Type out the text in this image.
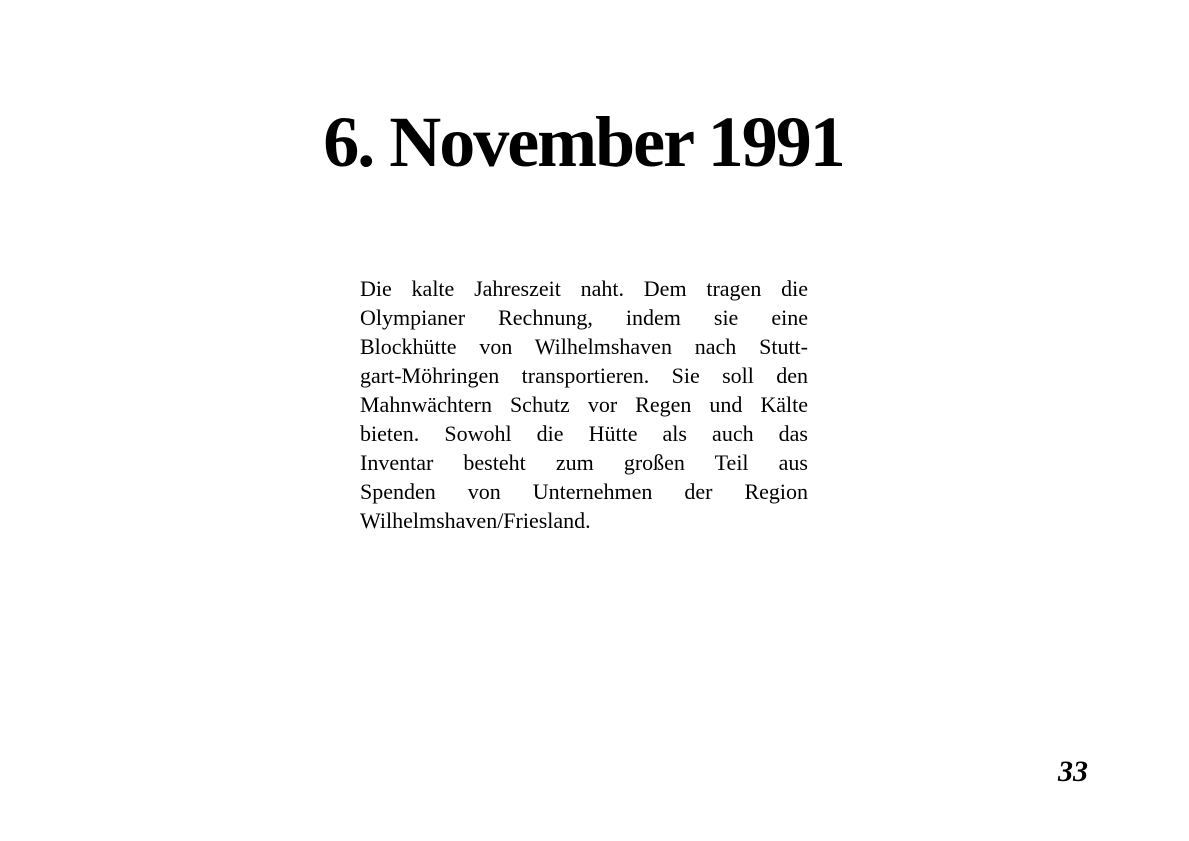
6. November 1991
Die kalte Jahreszeit naht. Dem tragen die
Olympianer Rechnung, indem sie eine
Blockhütte von Wilhelmshaven nach Stutt-
gart-Möhringen transportieren. Sie soll den
Mahnwächtern Schutz vor Regen und Kälte
bieten. Sowohl die Hütte als auch das
Inventar besteht zum großen Teil aus
Spenden von Unternehmen der Region
Wilhelmshaven/Friesland.
33
